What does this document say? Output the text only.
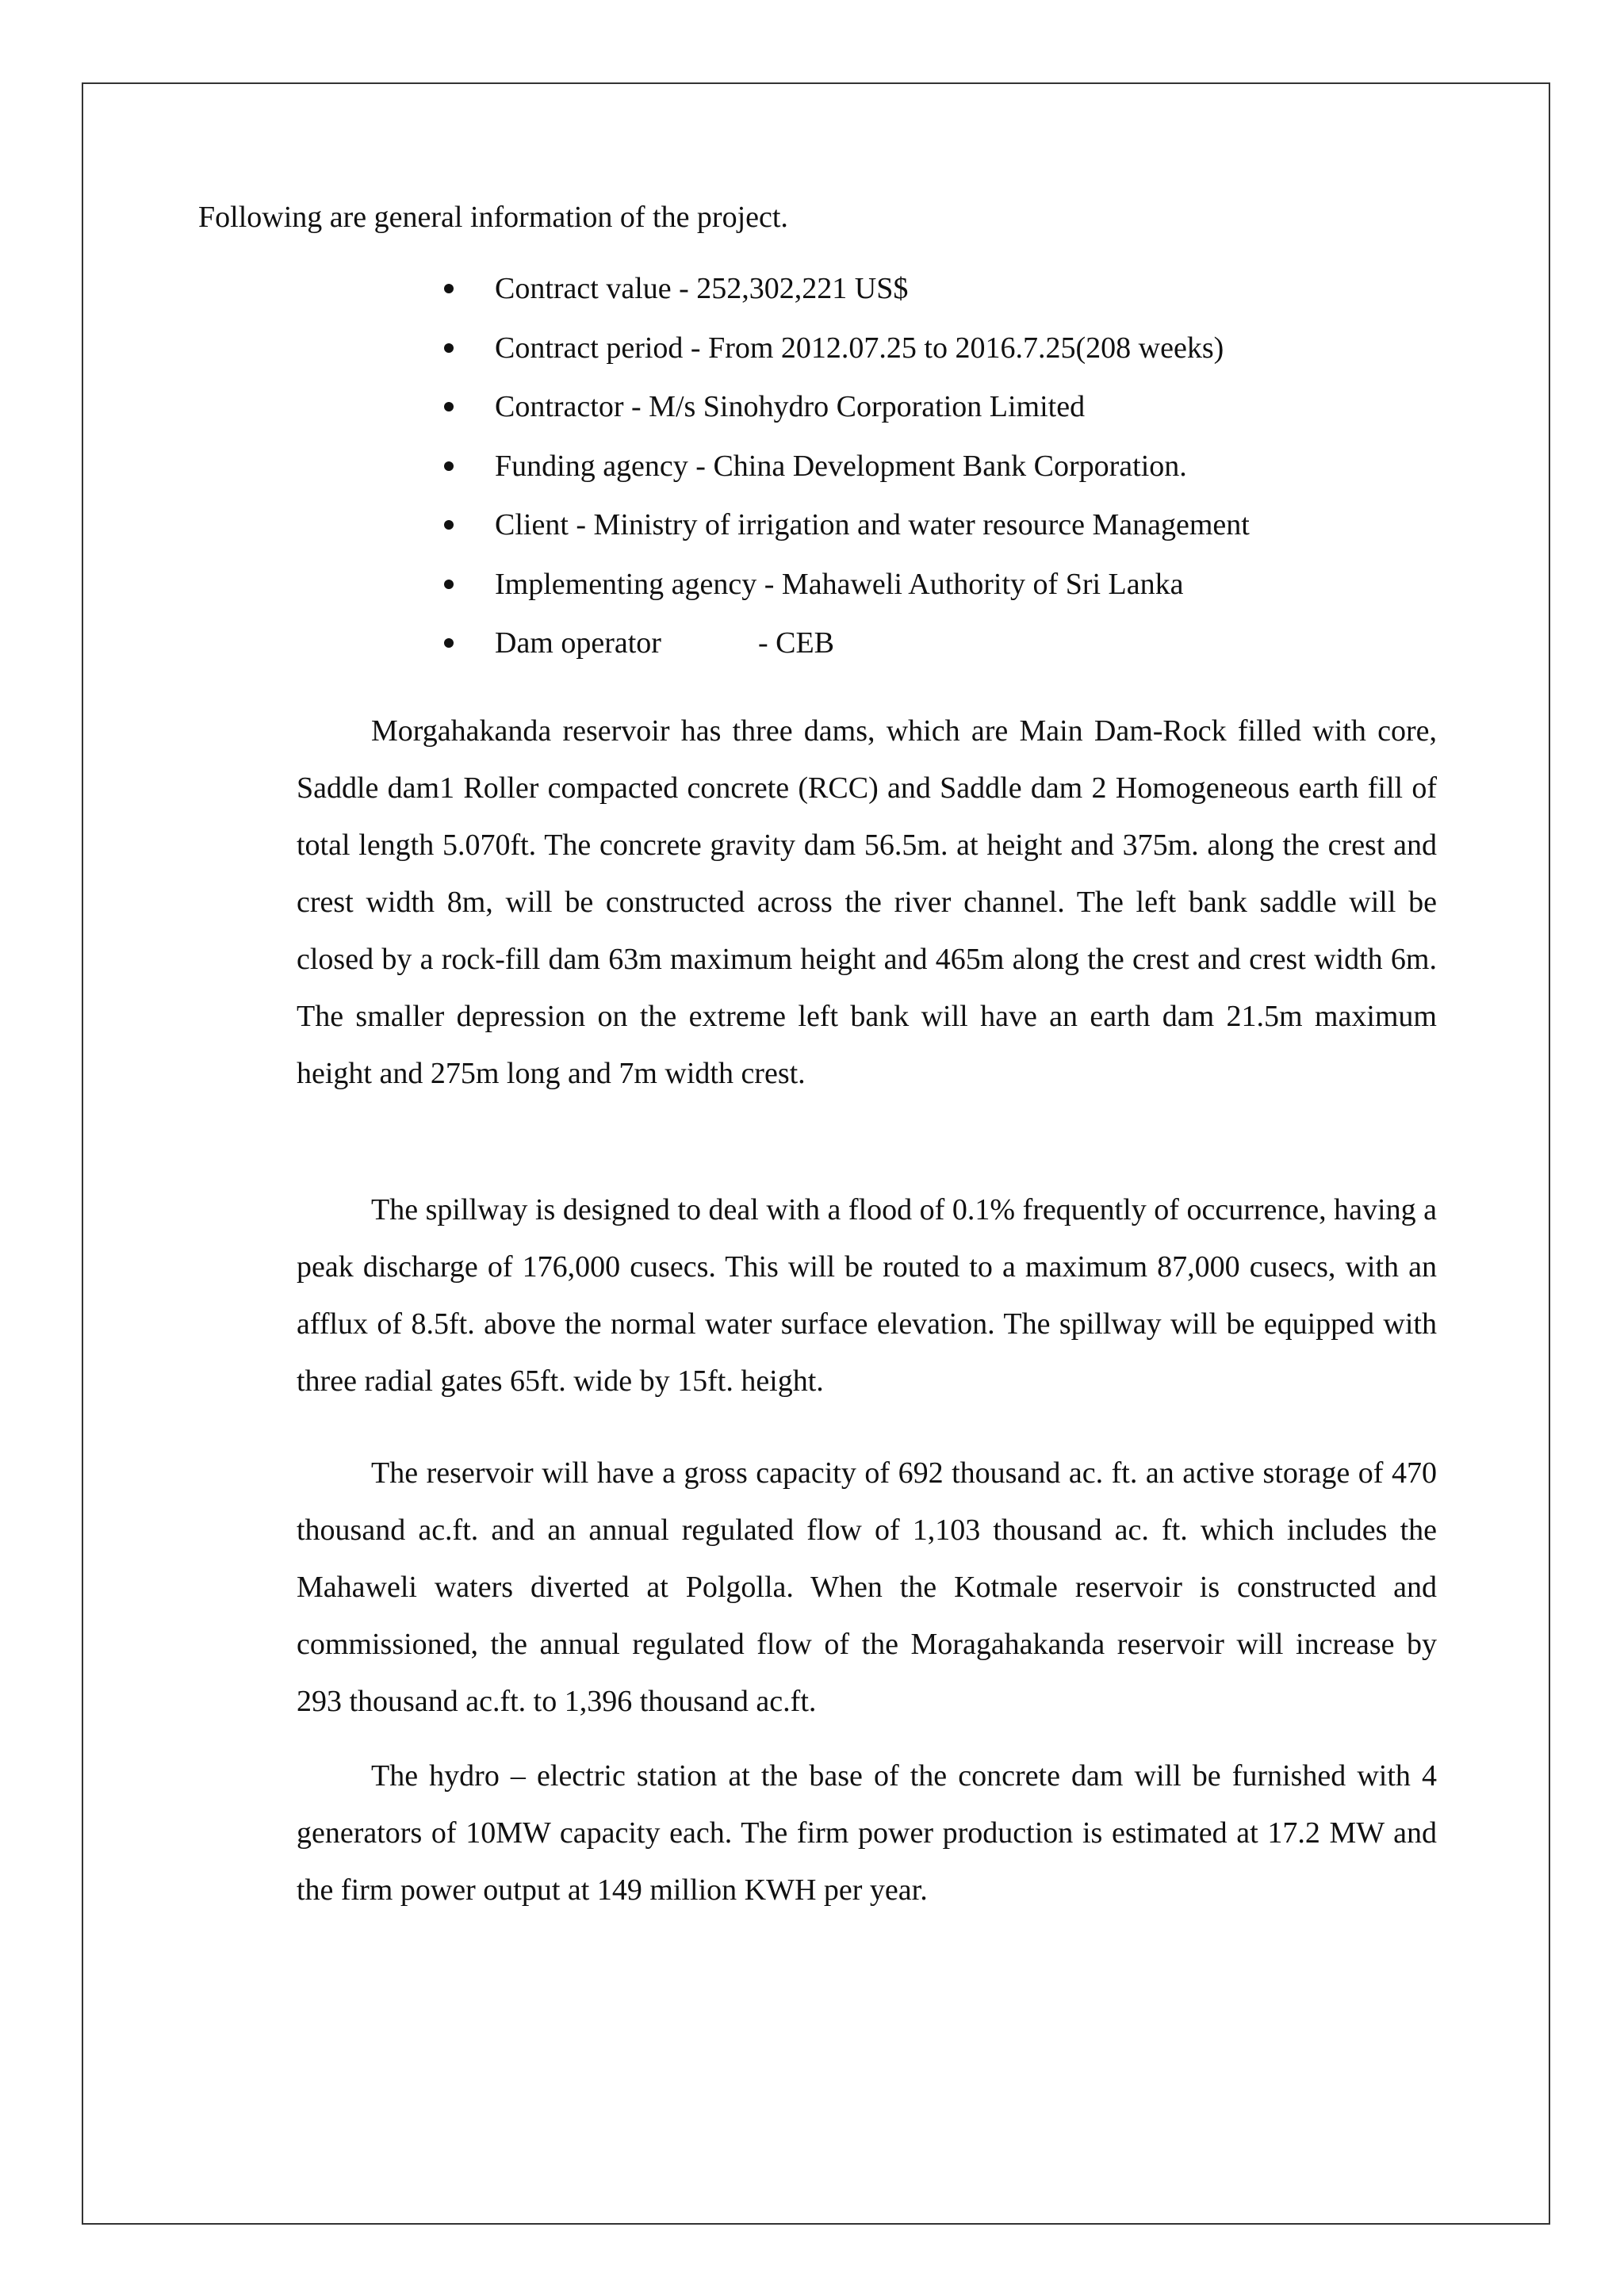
Following are general information of the project.

Contract value - 252,302,221 US$
Contract period - From 2012.07.25 to 2016.7.25(208 weeks)
Contractor - M/s Sinohydro Corporation Limited
Funding agency - China Development Bank Corporation.
Client - Ministry of irrigation and water resource Management
Implementing agency - Mahaweli Authority of Sri Lanka
Dam operator	- CEB

Morgahakanda reservoir has three dams, which are Main Dam-Rock filled with core, Saddle dam1 Roller compacted concrete (RCC) and Saddle dam 2 Homogeneous earth fill of total length 5.070ft. The concrete gravity dam 56.5m. at height and 375m. along the crest and crest width 8m, will be constructed across the river channel. The left bank saddle will be closed by a rock-fill dam 63m maximum height and 465m along the crest and crest width 6m. The smaller depression on the extreme left bank will have an earth dam 21.5m maximum height and 275m long and 7m width crest.

The spillway is designed to deal with a flood of 0.1% frequently of occurrence, having a peak discharge of 176,000 cusecs. This will be routed to a maximum 87,000 cusecs, with an afflux of 8.5ft. above the normal water surface elevation. The spillway will be equipped with three radial gates 65ft. wide by 15ft. height.

The reservoir will have a gross capacity of 692 thousand ac. ft. an active storage of 470 thousand ac.ft. and an annual regulated flow of 1,103 thousand ac. ft. which includes the Mahaweli waters diverted at Polgolla. When the Kotmale reservoir is constructed and commissioned, the annual regulated flow of the Moragahakanda reservoir will increase by 293 thousand ac.ft. to 1,396 thousand ac.ft.

The hydro – electric station at the base of the concrete dam will be furnished with 4 generators of 10MW capacity each. The firm power production is estimated at 17.2 MW and the firm power output at 149 million KWH per year.
